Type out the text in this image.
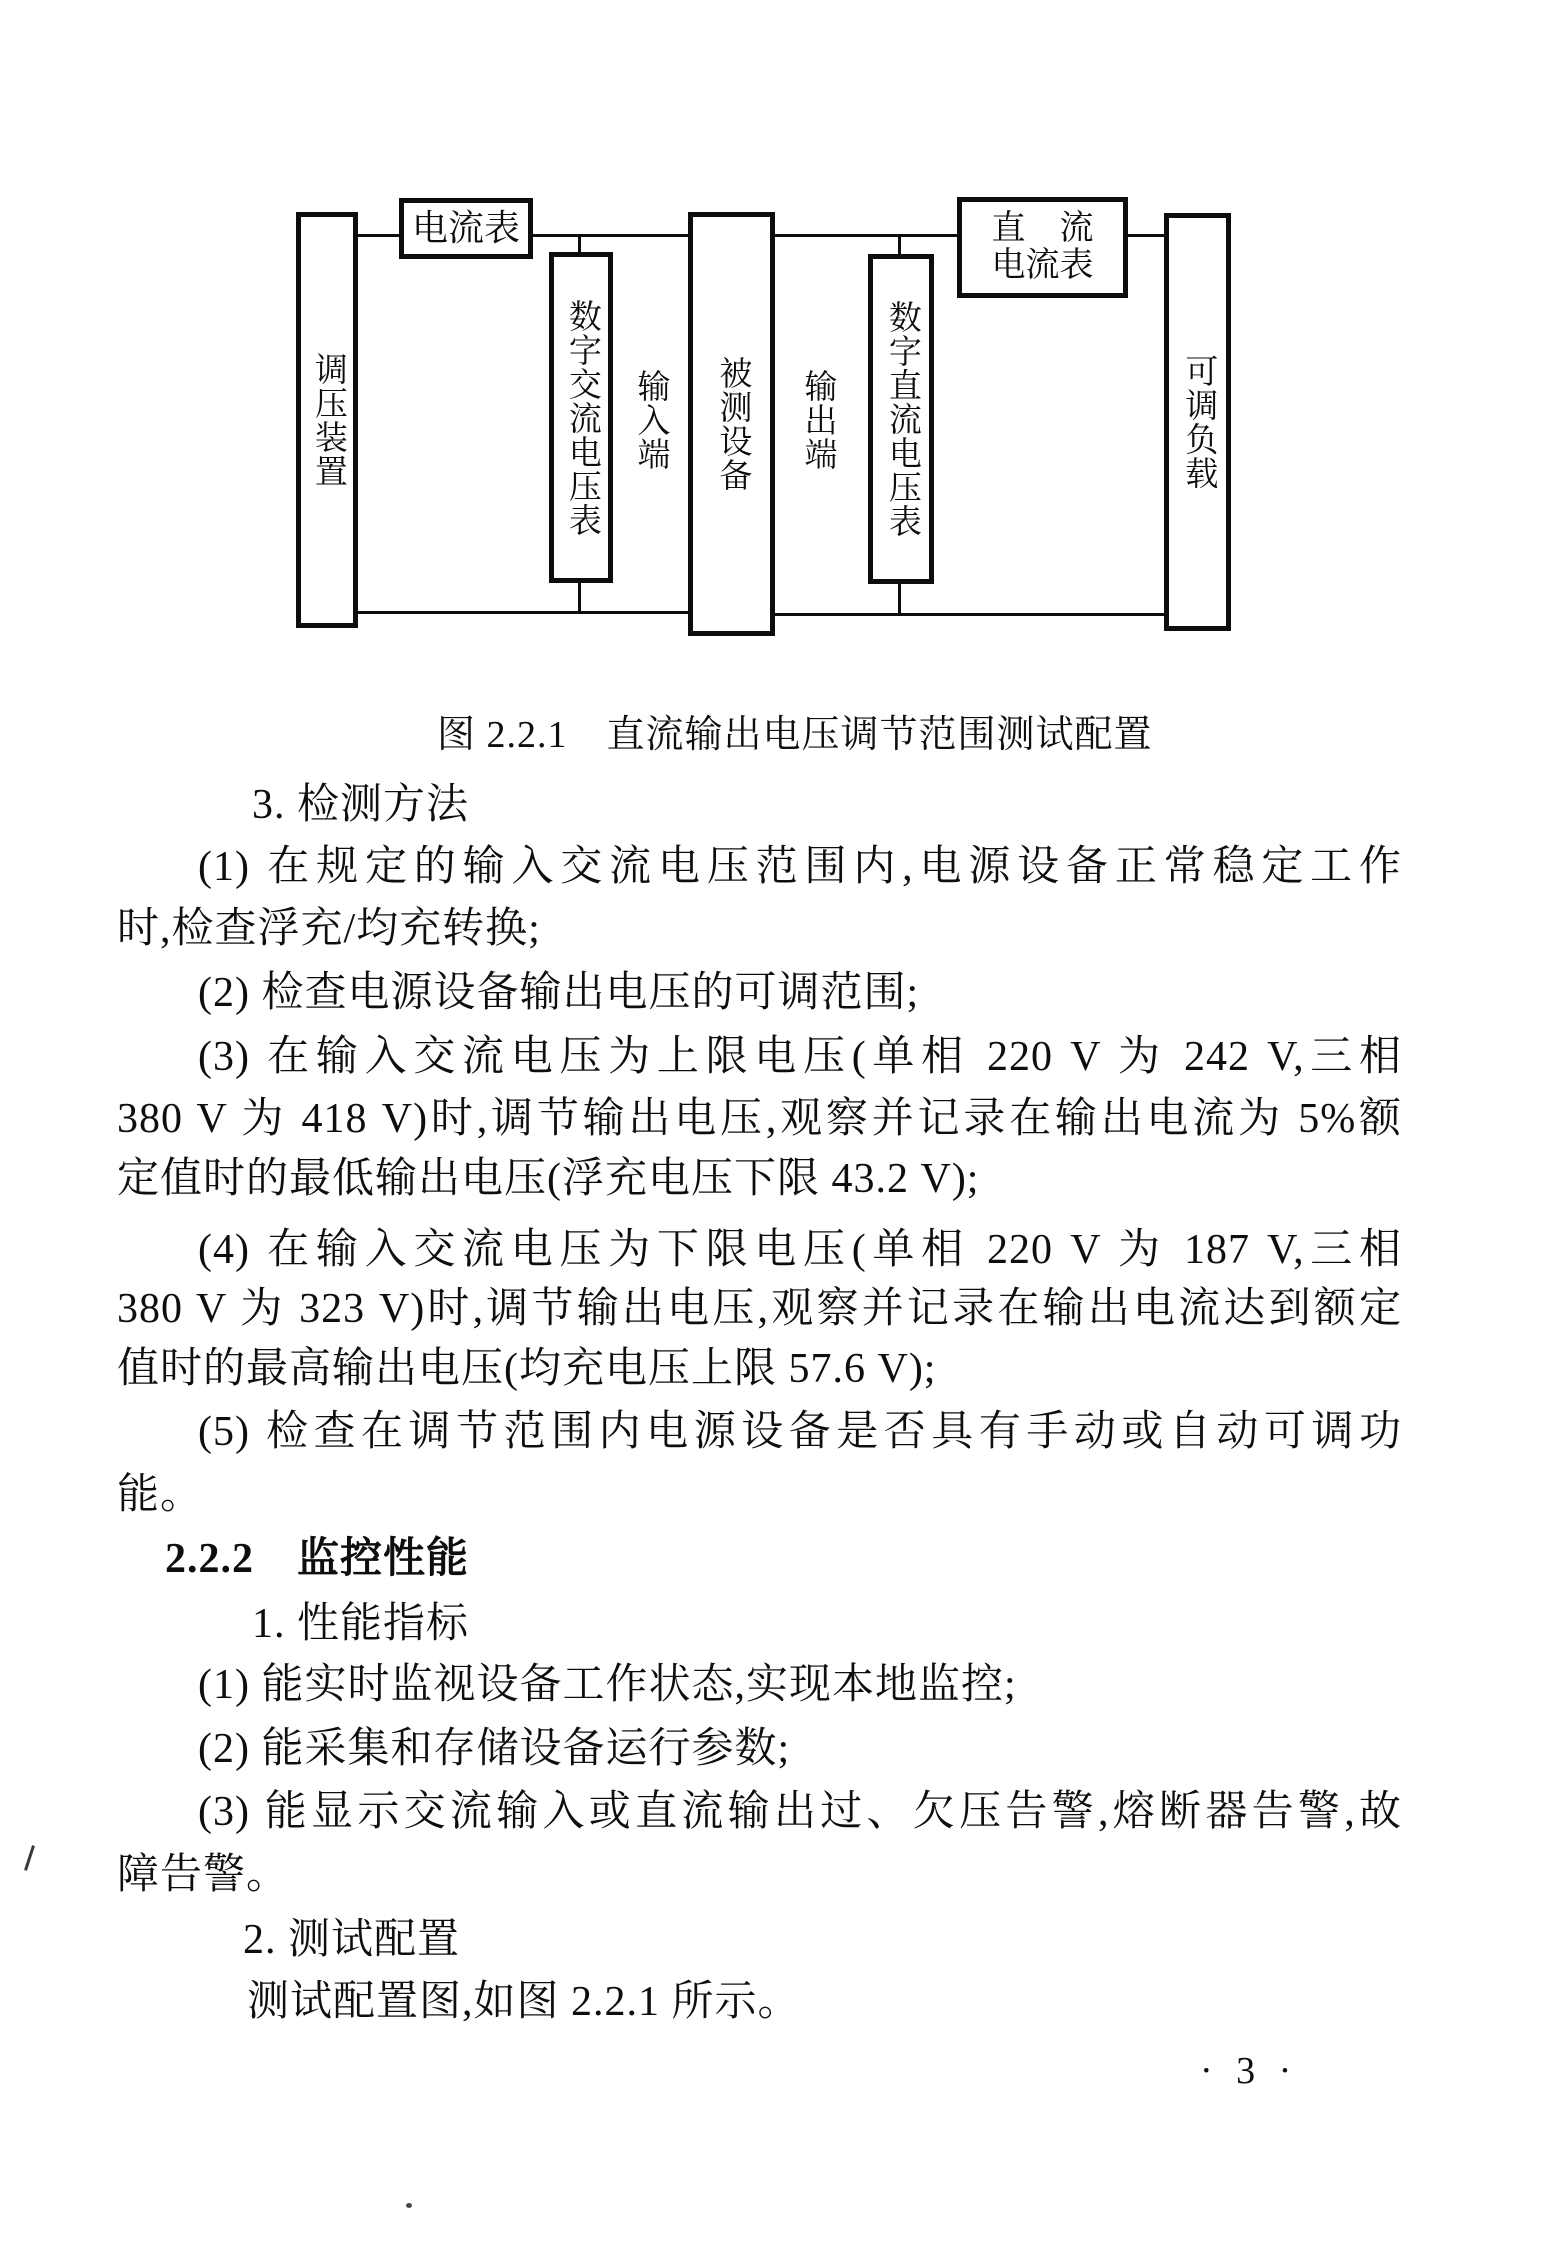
调压装置
电流表
数字交流电压表 输入端 被测设备 输出端 数字直流电压表
直　流
电流表
可调负载
图 2.2.1　直流输出电压调节范围测试配置
3. 检测方法
(1) 在规定的输入交流电压范围内,电源设备正常稳定工作
时,检查浮充/均充转换;
(2) 检查电源设备输出电压的可调范围;
(3) 在输入交流电压为上限电压(单相 220 V 为 242 V,三相
380 V 为 418 V)时,调节输出电压,观察并记录在输出电流为 5%额
定值时的最低输出电压(浮充电压下限 43.2 V);
(4) 在输入交流电压为下限电压(单相 220 V 为 187 V,三相
380 V 为 323 V)时,调节输出电压,观察并记录在输出电流达到额定
值时的最高输出电压(均充电压上限 57.6 V);
(5) 检查在调节范围内电源设备是否具有手动或自动可调功
能。
2.2.2　监控性能
1. 性能指标
(1) 能实时监视设备工作状态,实现本地监控;
(2) 能采集和存储设备运行参数;
(3) 能显示交流输入或直流输出过、欠压告警,熔断器告警,故
障告警。
2. 测试配置
测试配置图,如图 2.2.1 所示。
· 3 ·
